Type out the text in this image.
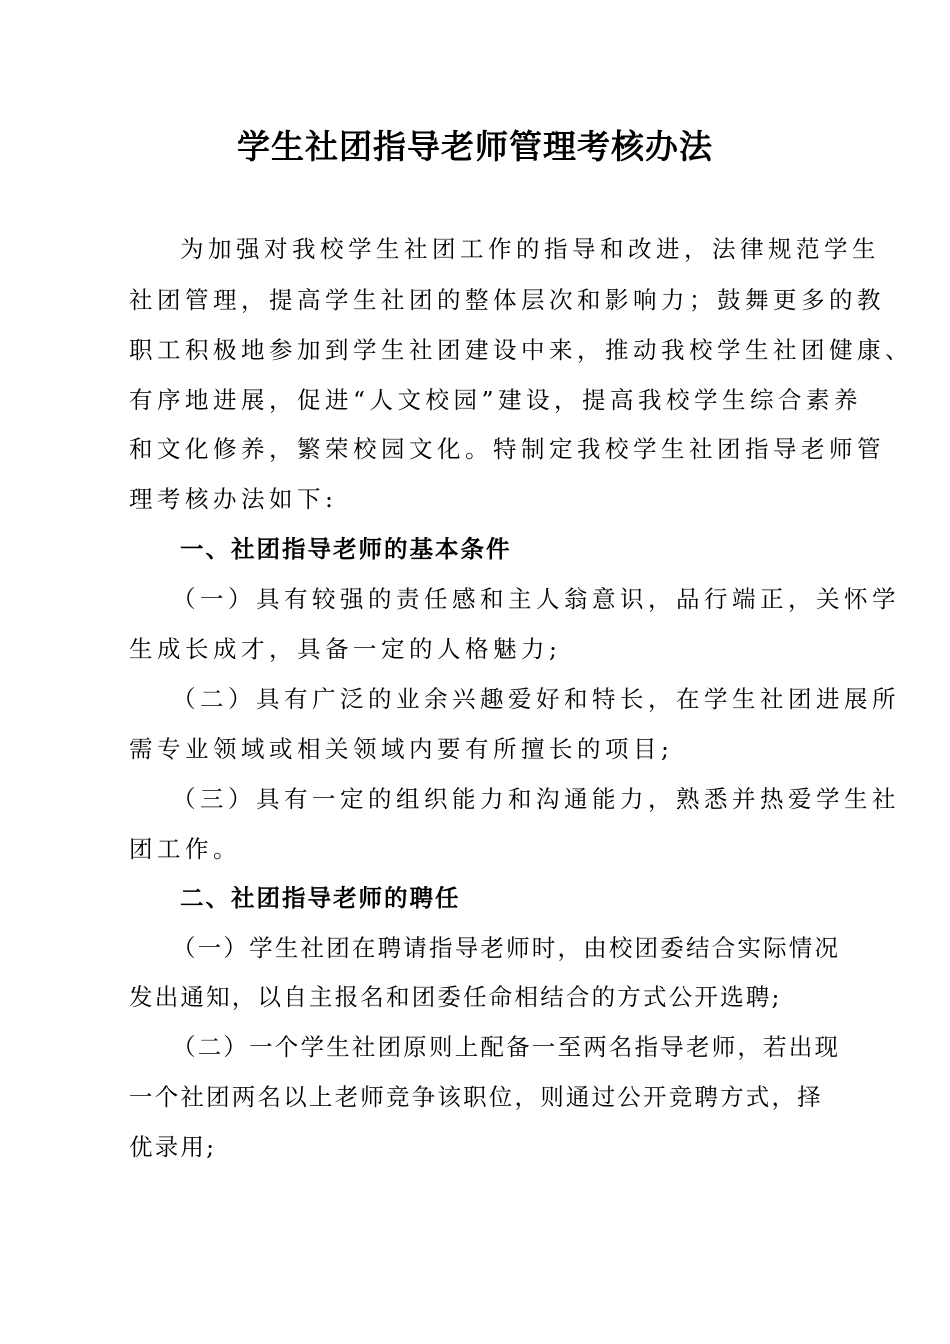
学生社团指导老师管理考核办法
为加强对我校学生社团工作的指导和改进，法律规范学生
社团管理，提高学生社团的整体层次和影响力；鼓舞更多的教
职工积极地参加到学生社团建设中来，推动我校学生社团健康、
有序地进展，促进“人文校园”建设，提高我校学生综合素养
和文化修养，繁荣校园文化。特制定我校学生社团指导老师管
理考核办法如下:
一、社团指导老师的基本条件
（一）具有较强的责任感和主人翁意识，品行端正，关怀学
生成长成才，具备一定的人格魅力;
（二）具有广泛的业余兴趣爱好和特长，在学生社团进展所
需专业领域或相关领域内要有所擅长的项目;
（三）具有一定的组织能力和沟通能力，熟悉并热爱学生社
团工作。
二、社团指导老师的聘任
（一）学生社团在聘请指导老师时，由校团委结合实际情况
发出通知，以自主报名和团委任命相结合的方式公开选聘;
（二）一个学生社团原则上配备一至两名指导老师，若出现
一个社团两名以上老师竞争该职位，则通过公开竞聘方式，择
优录用;
